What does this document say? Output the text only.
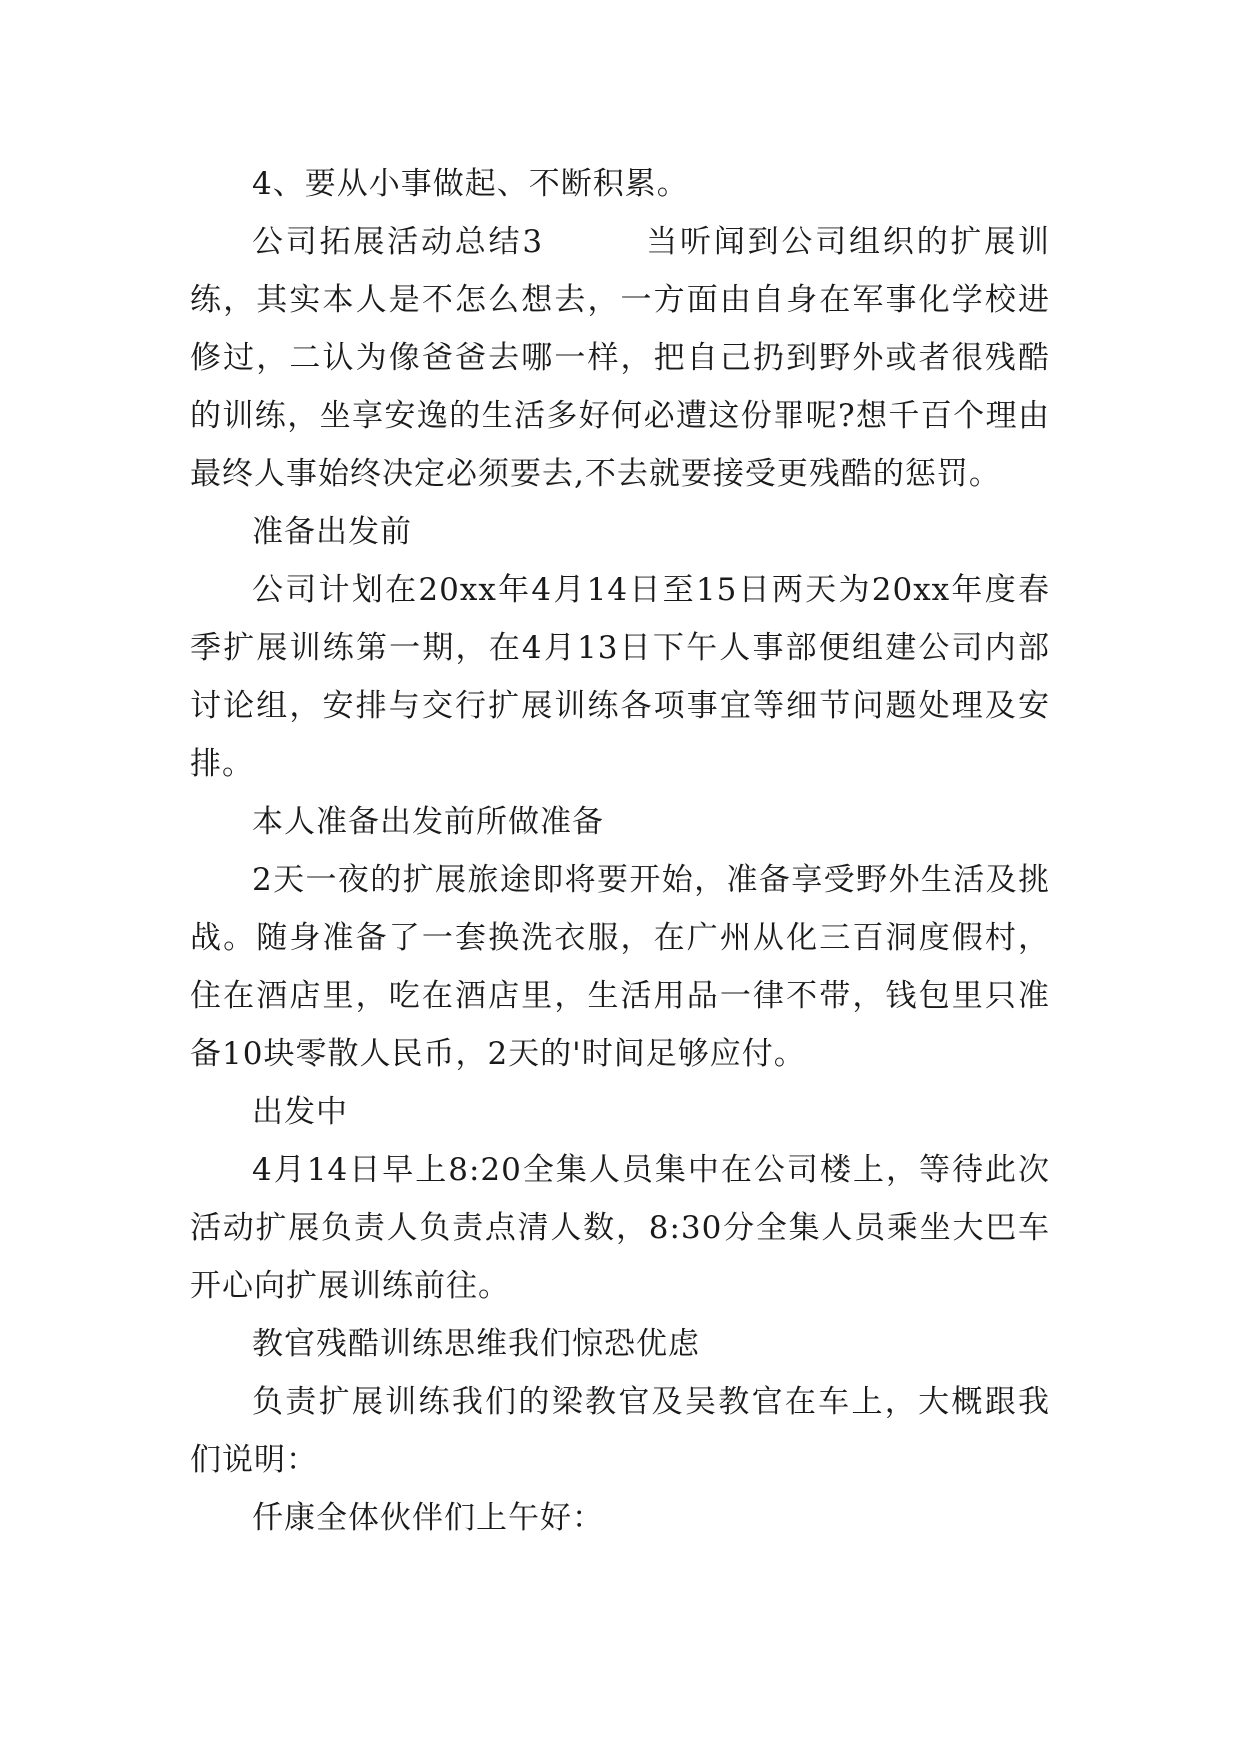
4、要从小事做起、不断积累。

公司拓展活动总结3　　　当听闻到公司组织的扩展训练，其实本人是不怎么想去，一方面由自身在军事化学校进修过，二认为像爸爸去哪一样，把自己扔到野外或者很残酷的训练，坐享安逸的生活多好何必遭这份罪呢?想千百个理由最终人事始终决定必须要去,不去就要接受更残酷的惩罚。

准备出发前

公司计划在20xx年4月14日至15日两天为20xx年度春季扩展训练第一期，在4月13日下午人事部便组建公司内部讨论组，安排与交行扩展训练各项事宜等细节问题处理及安排。

本人准备出发前所做准备

2天一夜的扩展旅途即将要开始，准备享受野外生活及挑战。随身准备了一套换洗衣服，在广州从化三百洞度假村，住在酒店里，吃在酒店里，生活用品一律不带，钱包里只准备10块零散人民币，2天的'时间足够应付。

出发中

4月14日早上8:20全集人员集中在公司楼上，等待此次活动扩展负责人负责点清人数，8:30分全集人员乘坐大巴车开心向扩展训练前往。

教官残酷训练思维我们惊恐优虑

负责扩展训练我们的梁教官及吴教官在车上，大概跟我们说明：

仟康全体伙伴们上午好：
